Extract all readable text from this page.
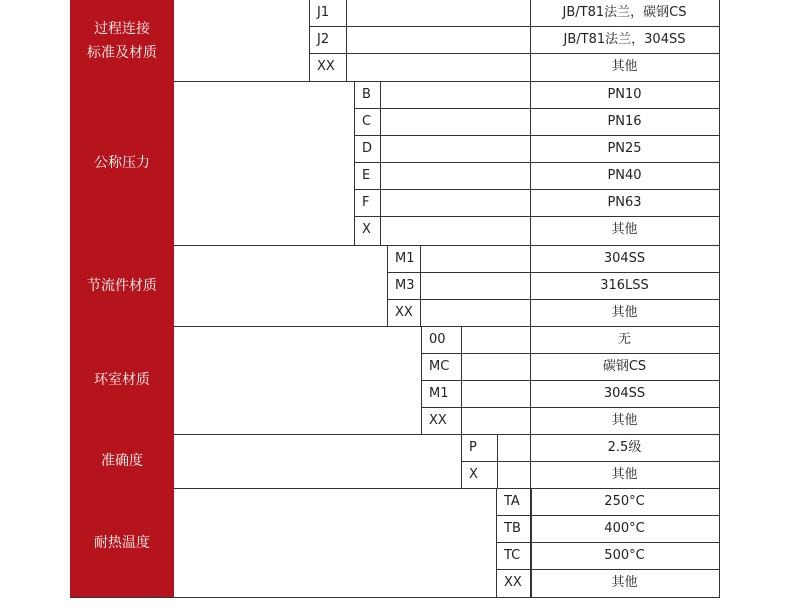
过程连接
标准及材质
J1	JB/T81法兰，碳钢CS
J2	JB/T81法兰，304SS
XX	其他
公称压力
B	PN10
C	PN16
D	PN25
E	PN40
F	PN63
X	其他
节流件材质
M1	304SS
M3	316LSS
XX	其他
环室材质
00	无
MC	碳钢CS
M1	304SS
XX	其他
准确度
P	2.5级
X	其他
耐热温度
TA	250°C
TB	400°C
TC	500°C
XX	其他
